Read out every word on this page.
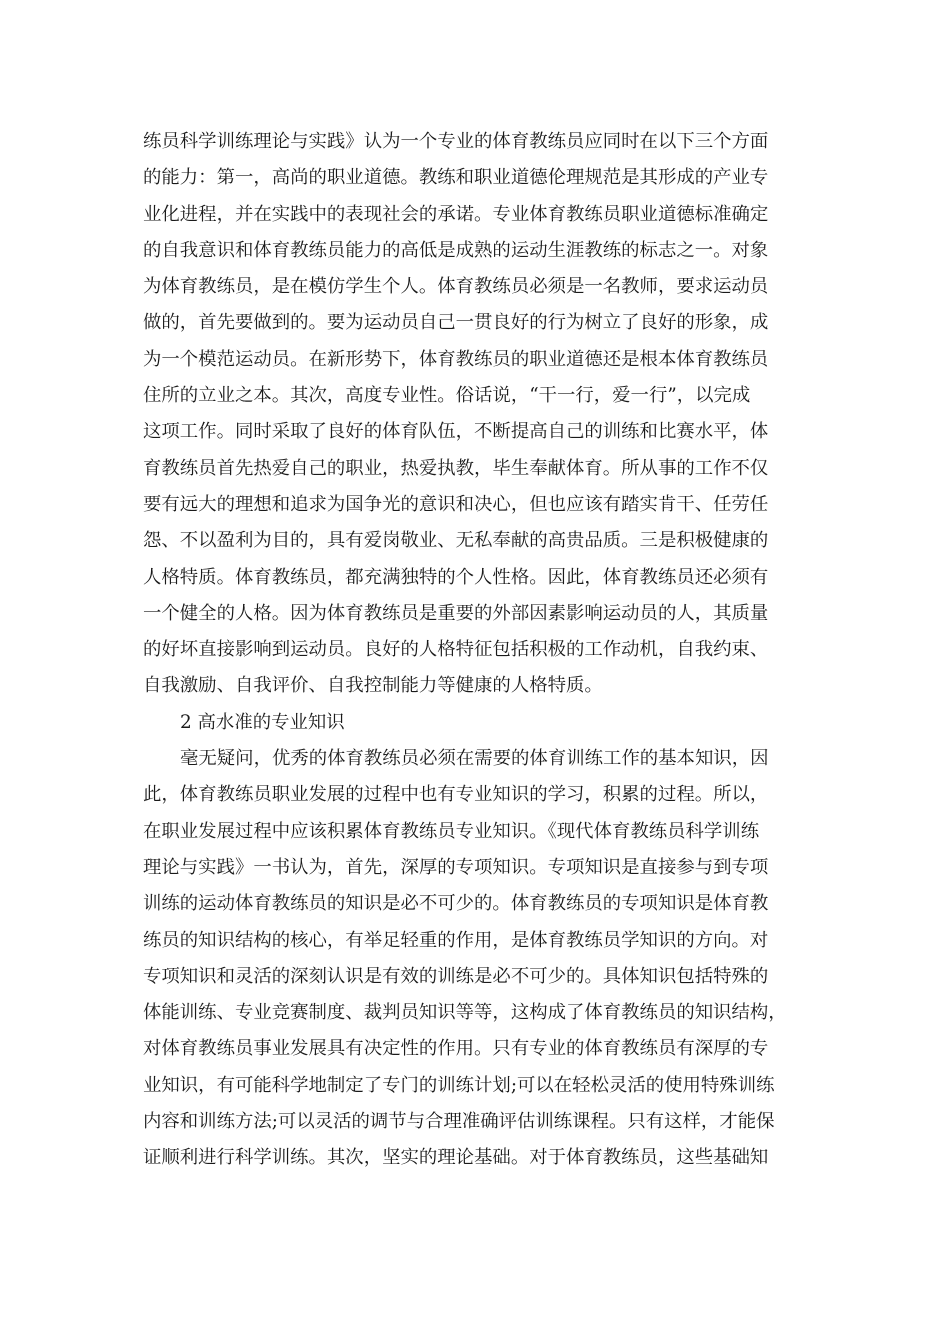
练员科学训练理论与实践》认为一个专业的体育教练员应同时在以下三个方面
的能力：第一，高尚的职业道德。教练和职业道德伦理规范是其形成的产业专
业化进程，并在实践中的表现社会的承诺。专业体育教练员职业道德标准确定
的自我意识和体育教练员能力的高低是成熟的运动生涯教练的标志之一。对象
为体育教练员，是在模仿学生个人。体育教练员必须是一名教师，要求运动员
做的，首先要做到的。要为运动员自己一贯良好的行为树立了良好的形象，成
为一个模范运动员。在新形势下，体育教练员的职业道德还是根本体育教练员
住所的立业之本。其次，高度专业性。俗话说，“干一行，爱一行”，以完成
这项工作。同时采取了良好的体育队伍，不断提高自己的训练和比赛水平，体
育教练员首先热爱自己的职业，热爱执教，毕生奉献体育。所从事的工作不仅
要有远大的理想和追求为国争光的意识和决心，但也应该有踏实肯干、任劳任
怨、不以盈利为目的，具有爱岗敬业、无私奉献的高贵品质。三是积极健康的
人格特质。体育教练员，都充满独特的个人性格。因此，体育教练员还必须有
一个健全的人格。因为体育教练员是重要的外部因素影响运动员的人，其质量
的好坏直接影响到运动员。良好的人格特征包括积极的工作动机，自我约束、
自我激励、自我评价、自我控制能力等健康的人格特质。
2 高水准的专业知识
毫无疑问，优秀的体育教练员必须在需要的体育训练工作的基本知识，因
此，体育教练员职业发展的过程中也有专业知识的学习，积累的过程。所以，
在职业发展过程中应该积累体育教练员专业知识。《现代体育教练员科学训练
理论与实践》一书认为，首先，深厚的专项知识。专项知识是直接参与到专项
训练的运动体育教练员的知识是必不可少的。体育教练员的专项知识是体育教
练员的知识结构的核心，有举足轻重的作用，是体育教练员学知识的方向。对
专项知识和灵活的深刻认识是有效的训练是必不可少的。具体知识包括特殊的
体能训练、专业竞赛制度、裁判员知识等等，这构成了体育教练员的知识结构，
对体育教练员事业发展具有决定性的作用。只有专业的体育教练员有深厚的专
业知识，有可能科学地制定了专门的训练计划;可以在轻松灵活的使用特殊训练
内容和训练方法;可以灵活的调节与合理准确评估训练课程。只有这样，才能保
证顺利进行科学训练。其次，坚实的理论基础。对于体育教练员，这些基础知
